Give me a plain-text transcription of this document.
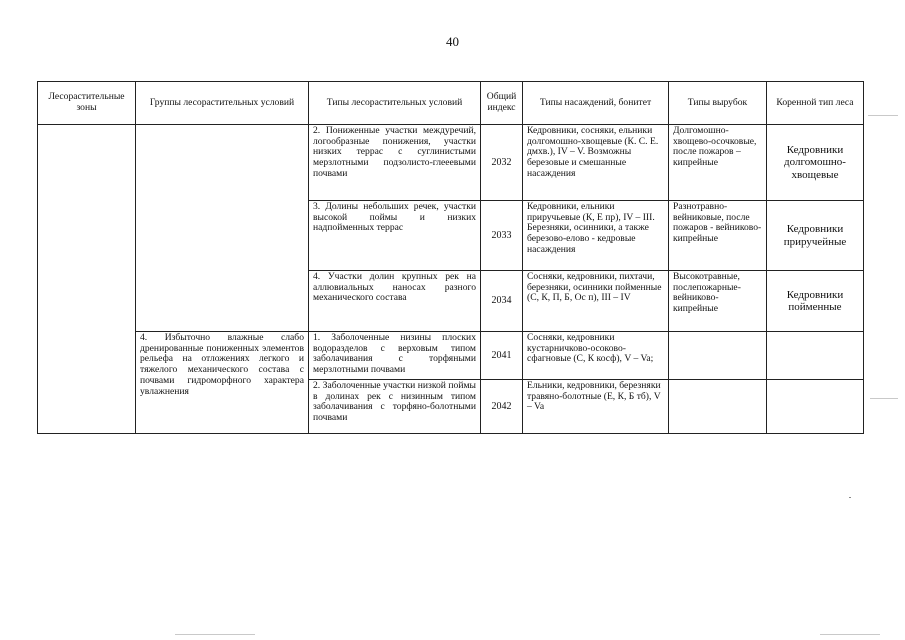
40
Лесорастительные зоны	Группы лесорастительных условий	Типы лесорастительных условий	Общий индекс	Типы насаждений, бонитет	Типы вырубок	Коренной тип леса
		2. Пониженные участки междуречий, логообразные понижения, участки низких террас с суглинистыми мерзлотными подзолисто-глееевыми почвами	2032	Кедровники, сосняки, ельники долгомошно-хвощевые (К. С. Е. дмхв.), IV – V. Возможны березовые и смешанные насаждения	Долгомошно-хвощево-осочковые, после пожаров – кипрейные	Кедровники долгомошно-хвощевые
		3. Долины небольших речек, участки высокой поймы и низких надпойменных террас	2033	Кедровники, ельники приручьевые (К, Е пр), IV – III. Березняки, осинники, а также березово-елово - кедровые насаждения	Разнотравно-вейниковые, после пожаров - вейниково-кипрейные	Кедровники приручейные
		4. Участки долин крупных рек на аллювиальных наносах разного механического состава	2034	Сосняки, кедровники, пихтачи, березняки, осинники пойменные (С, К, П, Б, Ос п), III – IV	Высокотравные, послепожарные-вейниково-кипрейные	Кедровники пойменные
	4. Избыточно влажные слабо дренированные пониженных элементов рельефа на отложениях легкого и тяжелого механического состава с почвами гидроморфного характера увлажнения	1. Заболоченные низины плоских водоразделов с верховым типом заболачивания с торфяными мерзлотными почвами	2041	Сосняки, кедровники кустарничково-осоково-сфагновые (С, К косф), V – Va;		
		2. Заболоченные участки низкой поймы в долинах рек с низинным типом заболачивания с торфяно-болотными почвами	2042	Ельники, кедровники, березняки травяно-болотные (Е, К, Б тб), V – Va		
